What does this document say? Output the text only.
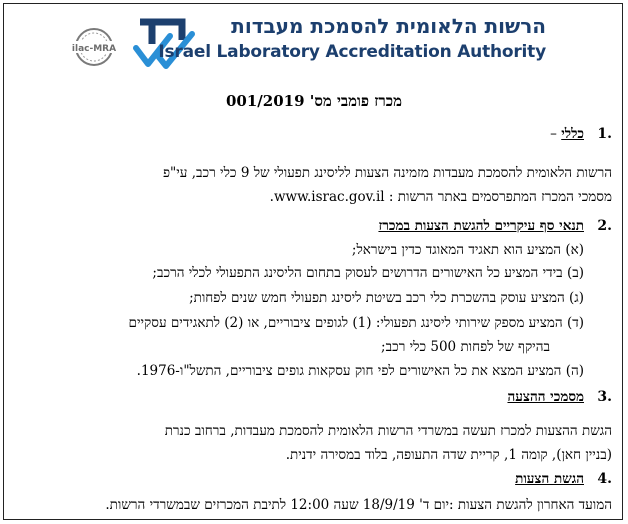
ilac-MRA
הרשות הלאומית להסמכת מעבדות
Israel Laboratory Accreditation Authority
מכרז פומבי מס' 001/2019
1.
כללי –
הרשות הלאומית להסמכת מעבדות מזמינה הצעות לליסינג תפעולי של 9 כלי רכב, עי"פ
מסמכי המכרז המתפרסמים באתר הרשות : www.israc.gov.il.
2.
תנאי סף עיקריים להגשת הצעות במכרז
(א) המציע הוא תאגיד המאוגד כדין בישראל;
(ב) בידי המציע כל האישורים הדרושים לעסוק בתחום הליסינג התפעולי לכלי הרכב;
(ג) המציע עוסק בהשכרת כלי רכב בשיטת ליסינג תפעולי חמש שנים לפחות;
(ד) המציע מספק שירותי ליסינג תפעולי: (1) לגופים ציבוריים, או (2) לתאגידים עסקיים
בהיקף של לפחות 500 כלי רכב;
(ה) המציע המצא את כל האישורים לפי חוק עסקאות גופים ציבוריים, התשל"ו-1976.
3.
מסמכי ההצעה
הגשת ההצעות למכרז תעשה במשרדי הרשות הלאומית להסמכת מעבדות, ברחוב כנרת
(בניין חאן), קומה 1, קריית שדה התעופה, בלוד במסירה ידנית.
4.
הגשת הצעות
המועד האחרון להגשת הצעות :יום ד' 18/9/19 שעה 12:00 לתיבת המכרזים שבמשרדי הרשות.
